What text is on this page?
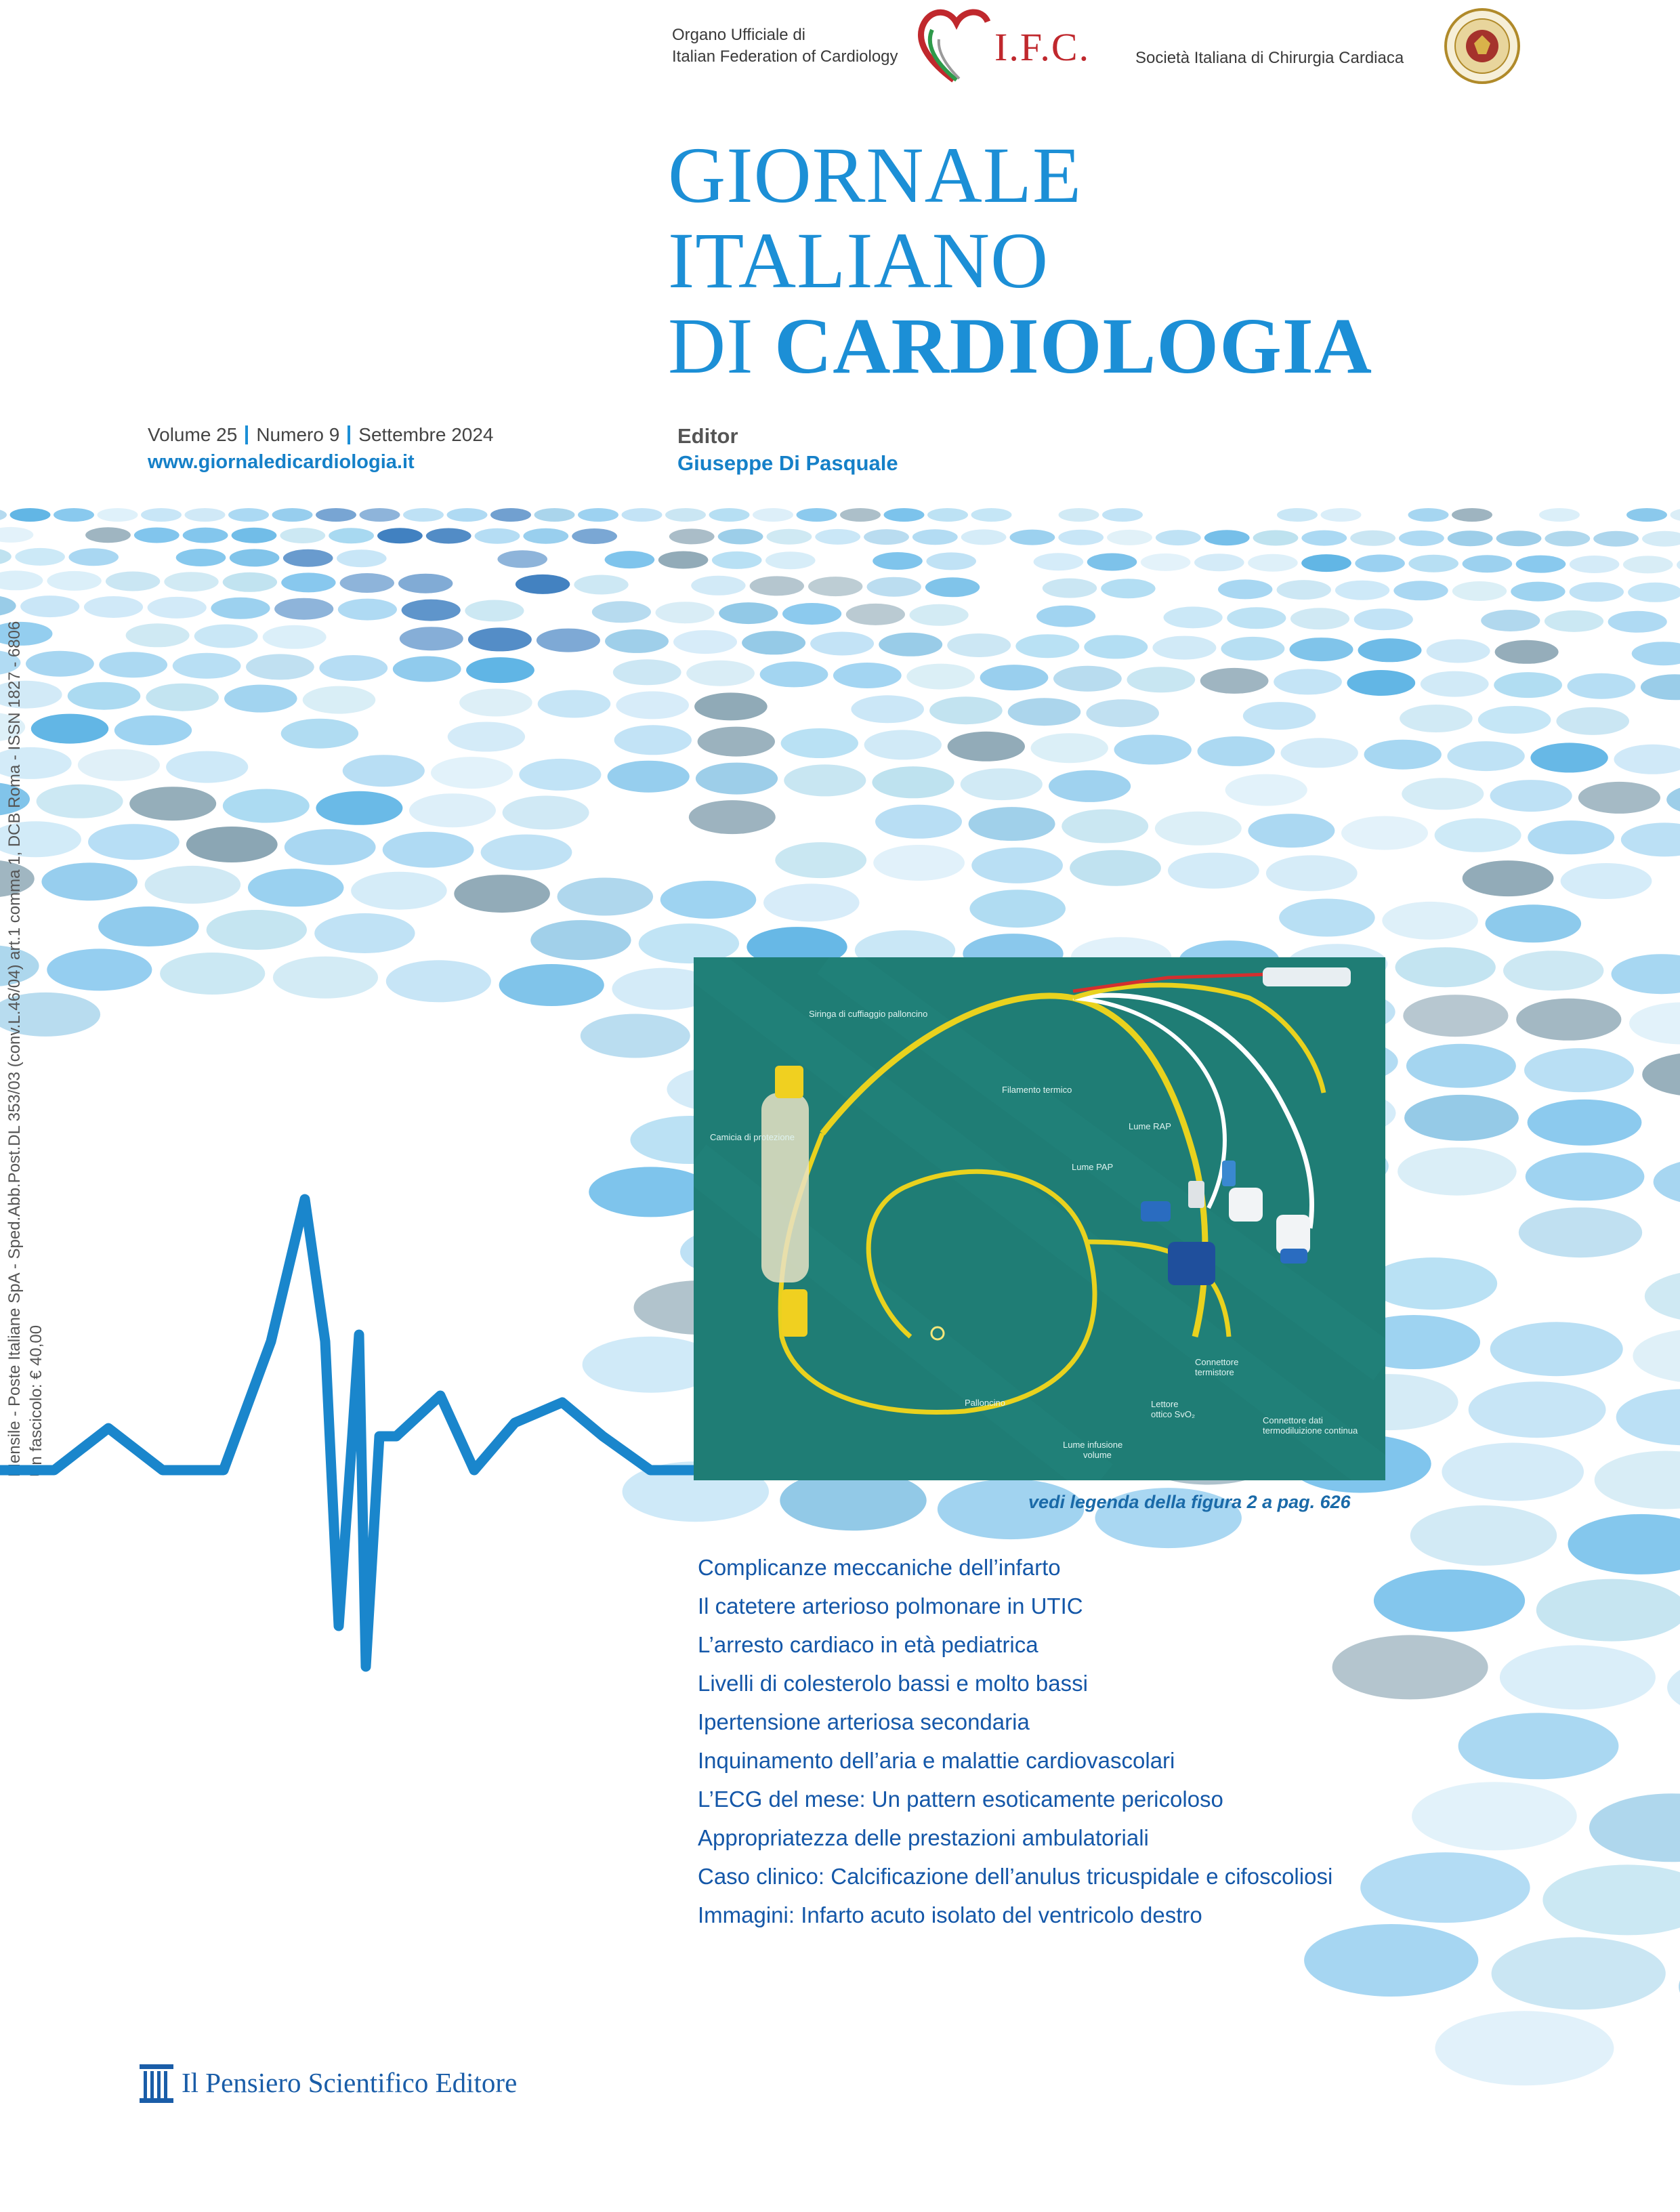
Organo Ufficiale di
Italian Federation of Cardiology I.F.C.	Società Italiana di Chirurgia Cardiaca
GIORNALE
ITALIANO
DI CARDIOLOGIA
Volume 25 Numero 9 Settembre 2024
www.giornaledicardiologia.it
Editor
Giuseppe Di Pasquale
Mensile - Poste Italiane SpA - Sped.Abb.Post.DL 353/03 (conv.L.46/04) art.1 comma 1, DCB Roma - ISSN 1827 - 6806 Un fascicolo: € 40,00
Siringa di cuffiaggio palloncino
Filamento termico
Camicia di protezione
Lume RAP
Lume PAP
Connettore
termistore
Lettore
ottico SvO₂
Connettore dati
termodiluizione continua
Palloncino
Lume infusione
volume
vedi legenda della figura 2 a pag. 626
Complicanze meccaniche dell’infarto
Il catetere arterioso polmonare in UTIC
L’arresto cardiaco in età pediatrica
Livelli di colesterolo bassi e molto bassi
Ipertensione arteriosa secondaria
Inquinamento dell’aria e malattie cardiovascolari
L’ECG del mese: Un pattern esoticamente pericoloso
Appropriatezza delle prestazioni ambulatoriali
Caso clinico: Calcificazione dell’anulus tricuspidale e cifoscoliosi
Immagini: Infarto acuto isolato del ventricolo destro
Il Pensiero Scientifico Editore
